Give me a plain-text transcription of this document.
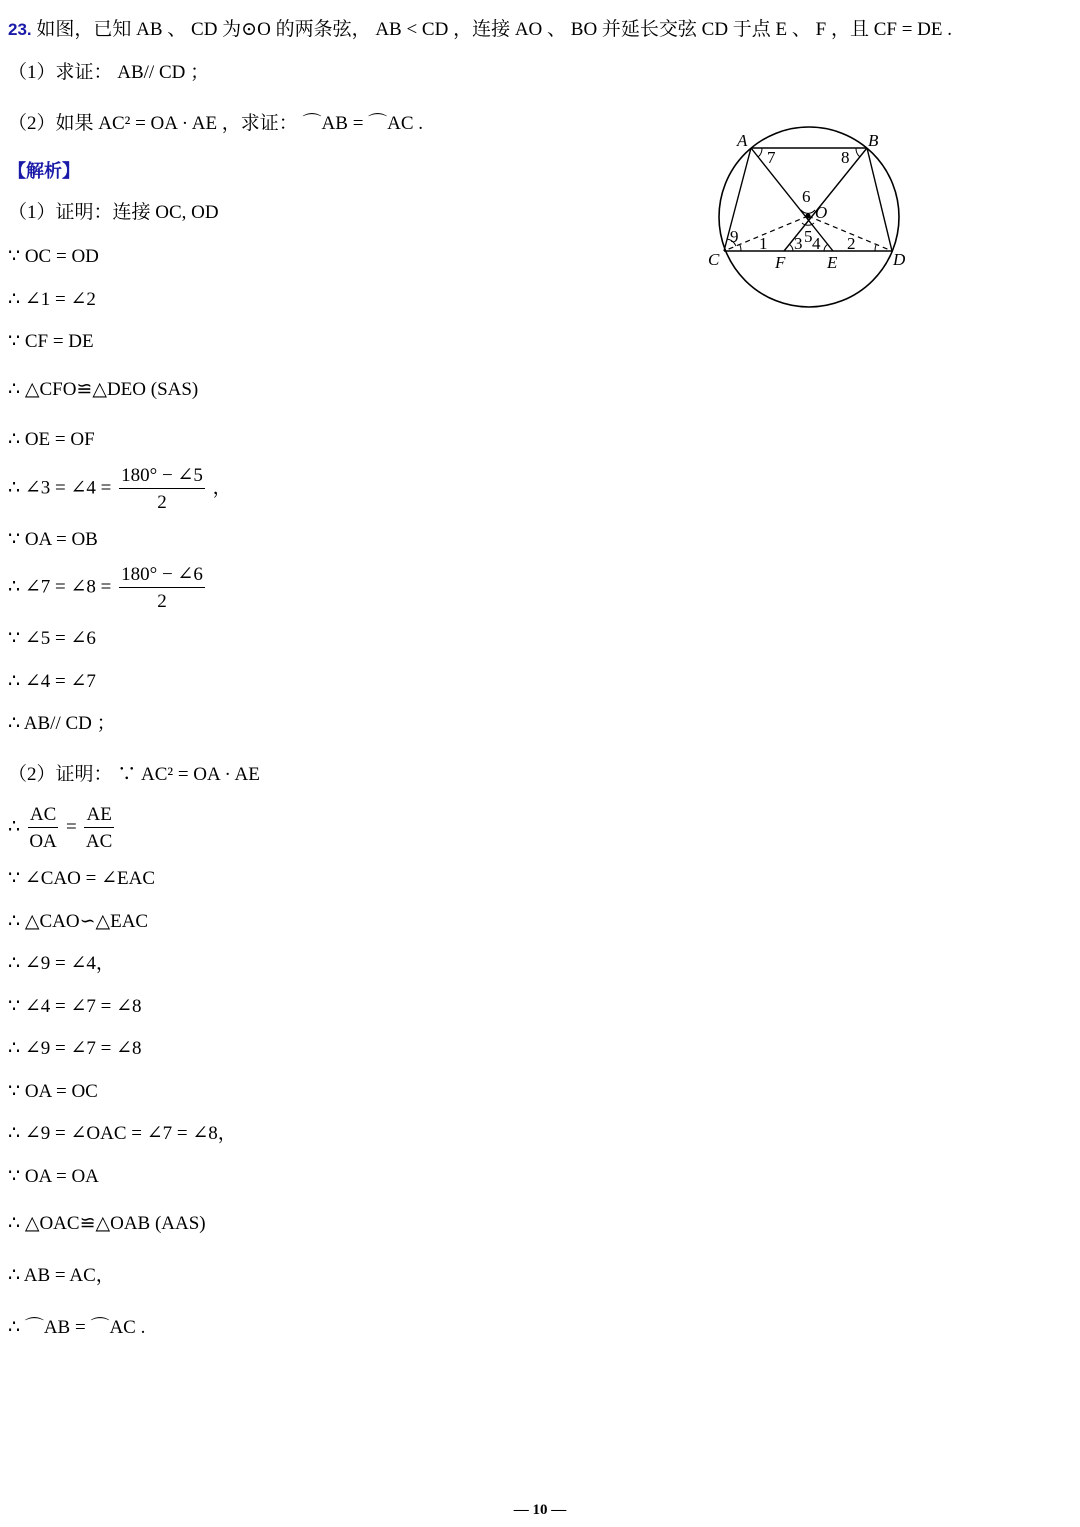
23. 如图，已知 AB 、 CD 为⊙O 的两条弦， AB < CD ，连接 AO 、 BO 并延长交弦 CD 于点 E 、 F ，且 CF = DE .
（1）求证： AB// CD ；
（2）如果 AC² = OA · AE ，求证： ⌒AB = ⌒AC .
【解析】
（1）证明：连接 OC, OD
∵ OC = OD
∴ ∠1 = ∠2
∵ CF = DE
∴ △CFO≌△DEO (SAS)
∴ OE = OF
∴ ∠3 = ∠4 = $\frac{180^\circ - \angle 5}{2}$ ，
∵ OA = OB
∴ ∠7 = ∠8 = $\frac{180^\circ - \angle 6}{2}$
∵ ∠5 = ∠6
∴ ∠4 = ∠7
∴ AB// CD ；
（2）证明： ∵ AC² = OA · AE
∴ $\frac{AC}{OA} = \frac{AE}{AC}$
∵ ∠CAO = ∠EAC
∴ △CAO∽△EAC
∴ ∠9 = ∠4，
∵ ∠4 = ∠7 = ∠8
∴ ∠9 = ∠7 = ∠8
∵ OA = OC
∴ ∠9 = ∠OAC = ∠7 = ∠8，
∵ OA = OA
∴ △OAC≌△OAB (AAS)
∴ AB = AC，
∴ ⌒AB = ⌒AC .
A	B
C	D
F E
O
7	8
6
5
3 4
9 1	2
— 10 —
